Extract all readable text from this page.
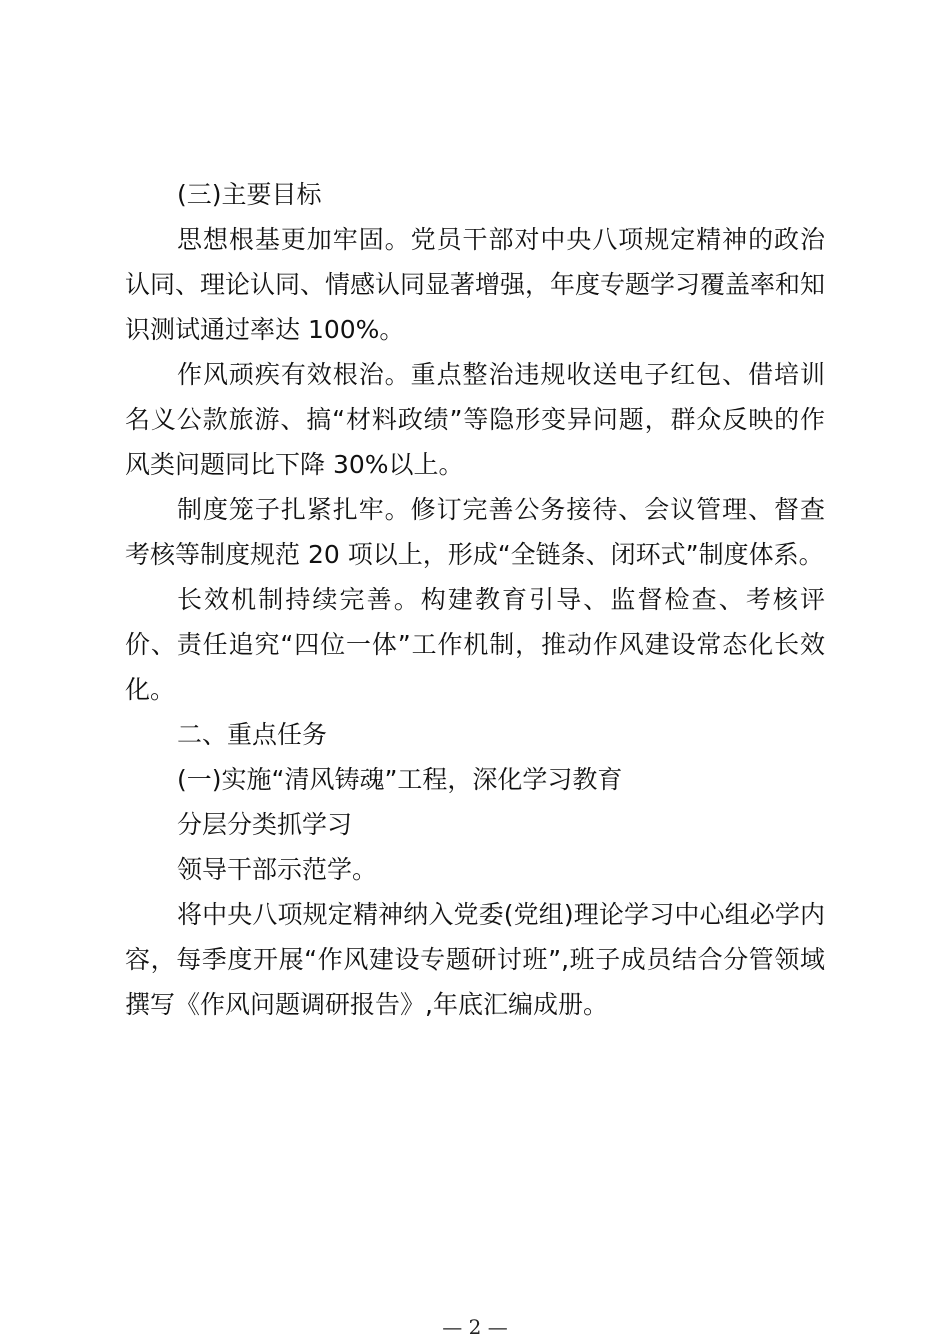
(三)主要目标
思想根基更加牢固。党员干部对中央八项规定精神的政治认同、理论认同、情感认同显著增强，年度专题学习覆盖率和知识测试通过率达 100%。
作风顽疾有效根治。重点整治违规收送电子红包、借培训名义公款旅游、搞“材料政绩”等隐形变异问题，群众反映的作风类问题同比下降 30%以上。
制度笼子扎紧扎牢。修订完善公务接待、会议管理、督查考核等制度规范 20 项以上，形成“全链条、闭环式”制度体系。
长效机制持续完善。构建教育引导、监督检查、考核评价、责任追究“四位一体”工作机制，推动作风建设常态化长效化。
二、重点任务
(一)实施“清风铸魂”工程，深化学习教育
分层分类抓学习
领导干部示范学。
将中央八项规定精神纳入党委(党组)理论学习中心组必学内容，每季度开展“作风建设专题研讨班”,班子成员结合分管领域撰写《作风问题调研报告》,年底汇编成册。
— 2 —
